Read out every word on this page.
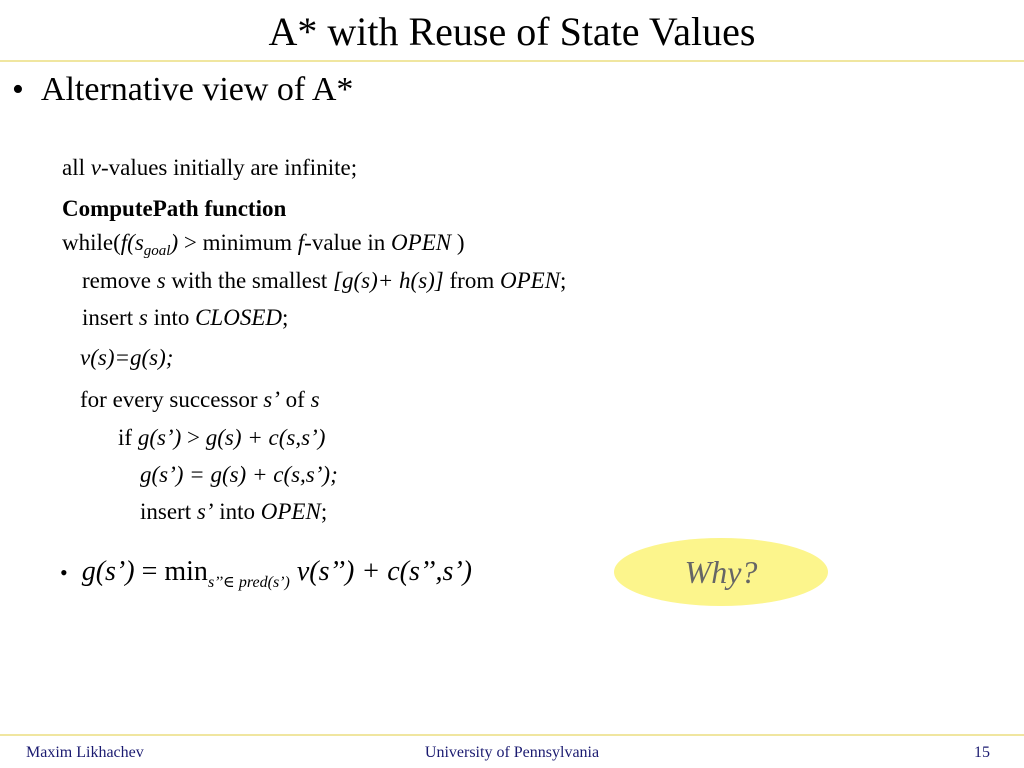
A* with Reuse of State Values
•  Alternative view of A*
all v-values initially are infinite;
ComputePath function
$while(f(s_{goal})$ > minimum f-value in OPEN )
remove s with the smallest [g(s)+ h(s)] from OPEN;
insert s into CLOSED;
v(s)=g(s);
for every successor s’ of s
if g(s’) > g(s) + c(s,s’)
g(s’) = g(s) + c(s,s’);
insert s’ into OPEN;
• g(s’) = $\min_{s’’\in pred(s’)}$ v(s’’) + c(s’’,s’)	Why?
Maxim Likhachev	University of Pennsylvania	15
